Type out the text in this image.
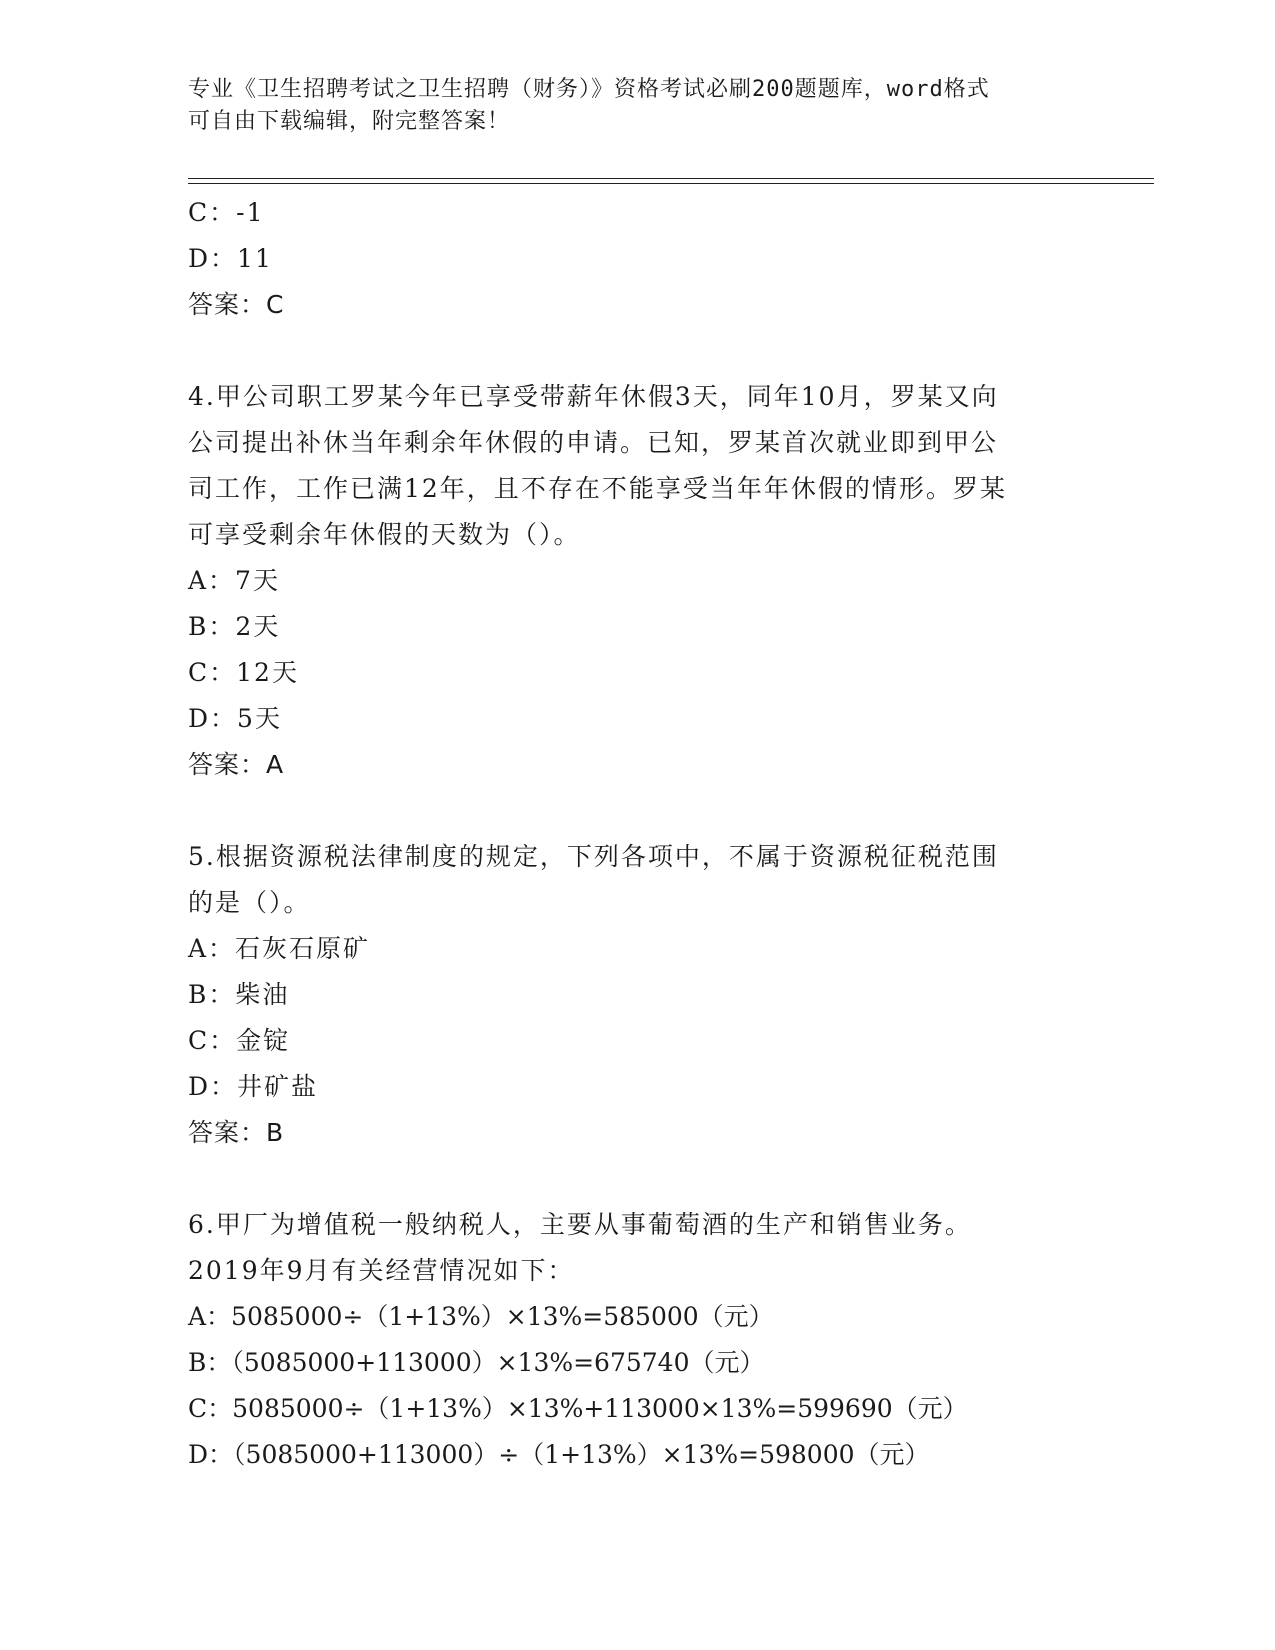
专业《卫生招聘考试之卫生招聘（财务）》资格考试必刷200题题库，word格式
可自由下载编辑，附完整答案！
C：-1
D：11
答案：C
4.甲公司职工罗某今年已享受带薪年休假3天，同年10月，罗某又向
公司提出补休当年剩余年休假的申请。已知，罗某首次就业即到甲公
司工作，工作已满12年，且不存在不能享受当年年休假的情形。罗某
可享受剩余年休假的天数为（）。
A：7天
B：2天
C：12天
D：5天
答案：A
5.根据资源税法律制度的规定，下列各项中，不属于资源税征税范围
的是（）。
A：石灰石原矿
B：柴油
C：金锭
D：井矿盐
答案：B
6.甲厂为增值税一般纳税人，主要从事葡萄酒的生产和销售业务。
2019年9月有关经营情况如下：
A：5085000÷（1+13%）×13%=585000（元）
B：（5085000+113000）×13%=675740（元）
C：5085000÷（1+13%）×13%+113000×13%=599690（元）
D：（5085000+113000）÷（1+13%）×13%=598000（元）
